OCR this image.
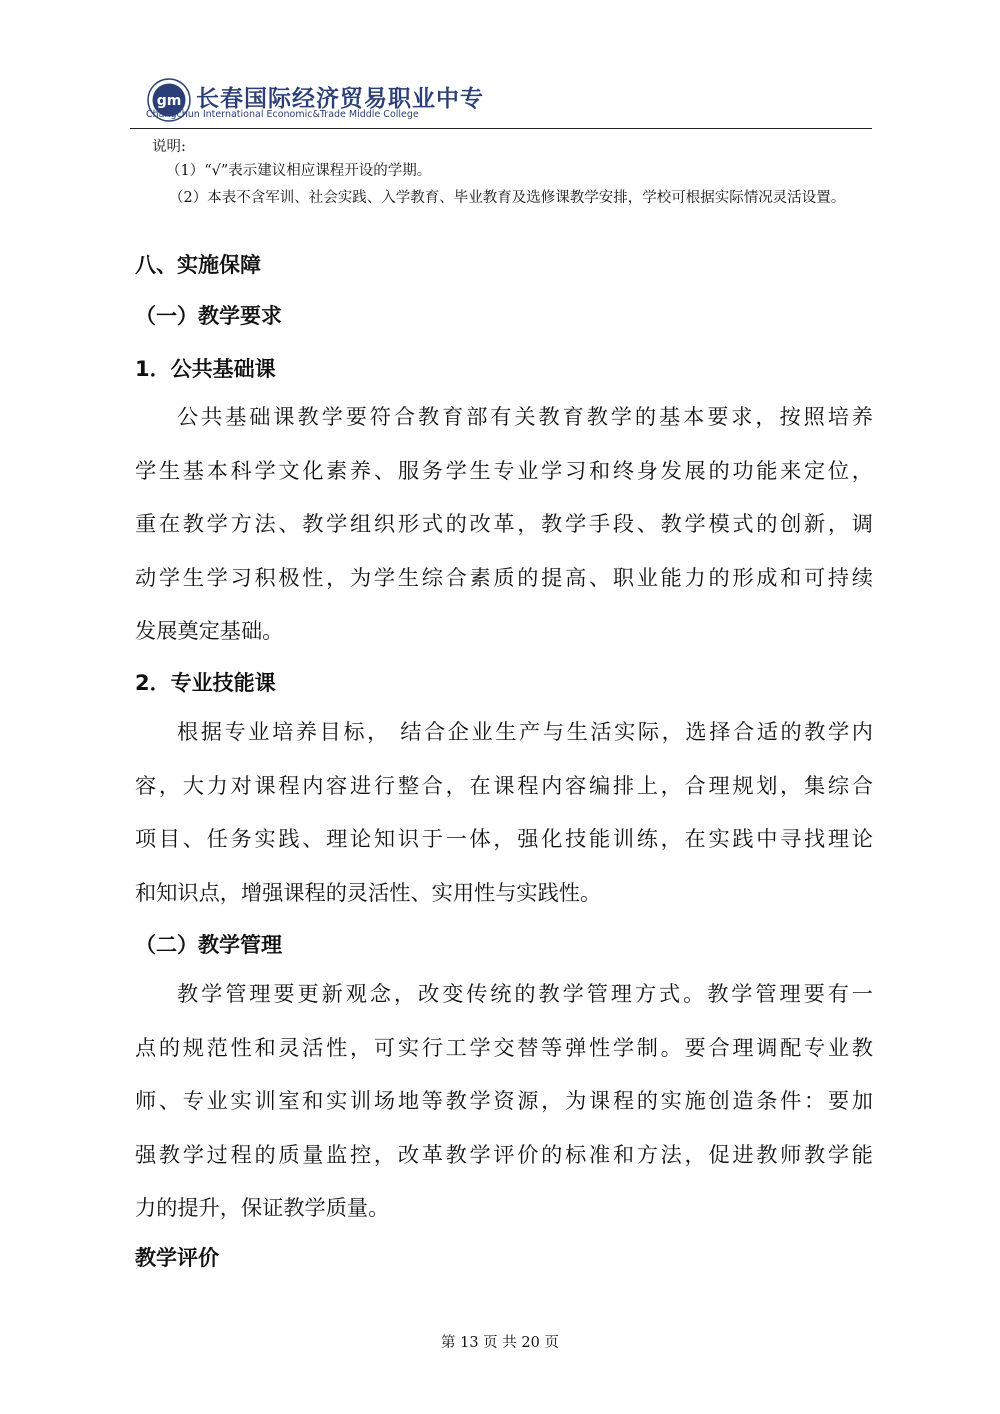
gm 长春国际经济贸易职业中专
Changchun International Economic&Trade Middle College
说明:
（1）“√”表示建议相应课程开设的学期。
（2）本表不含军训、社会实践、入学教育、毕业教育及选修课教学安排，学校可根据实际情况灵活设置。
八、实施保障
（一）教学要求
1．公共基础课
公共基础课教学要符合教育部有关教育教学的基本要求，按照培养
学生基本科学文化素养、服务学生专业学习和终身发展的功能来定位，
重在教学方法、教学组织形式的改革，教学手段、教学模式的创新，调
动学生学习积极性，为学生综合素质的提高、职业能力的形成和可持续
发展奠定基础。
2．专业技能课
根据专业培养目标， 结合企业生产与生活实际，选择合适的教学内
容，大力对课程内容进行整合，在课程内容编排上，合理规划，集综合
项目、任务实践、理论知识于一体，强化技能训练，在实践中寻找理论
和知识点，增强课程的灵活性、实用性与实践性。
（二）教学管理
教学管理要更新观念，改变传统的教学管理方式。教学管理要有一
点的规范性和灵活性，可实行工学交替等弹性学制。要合理调配专业教
师、专业实训室和实训场地等教学资源，为课程的实施创造条件：要加
强教学过程的质量监控，改革教学评价的标准和方法，促进教师教学能
力的提升，保证教学质量。
教学评价
第 13 页 共 20 页
